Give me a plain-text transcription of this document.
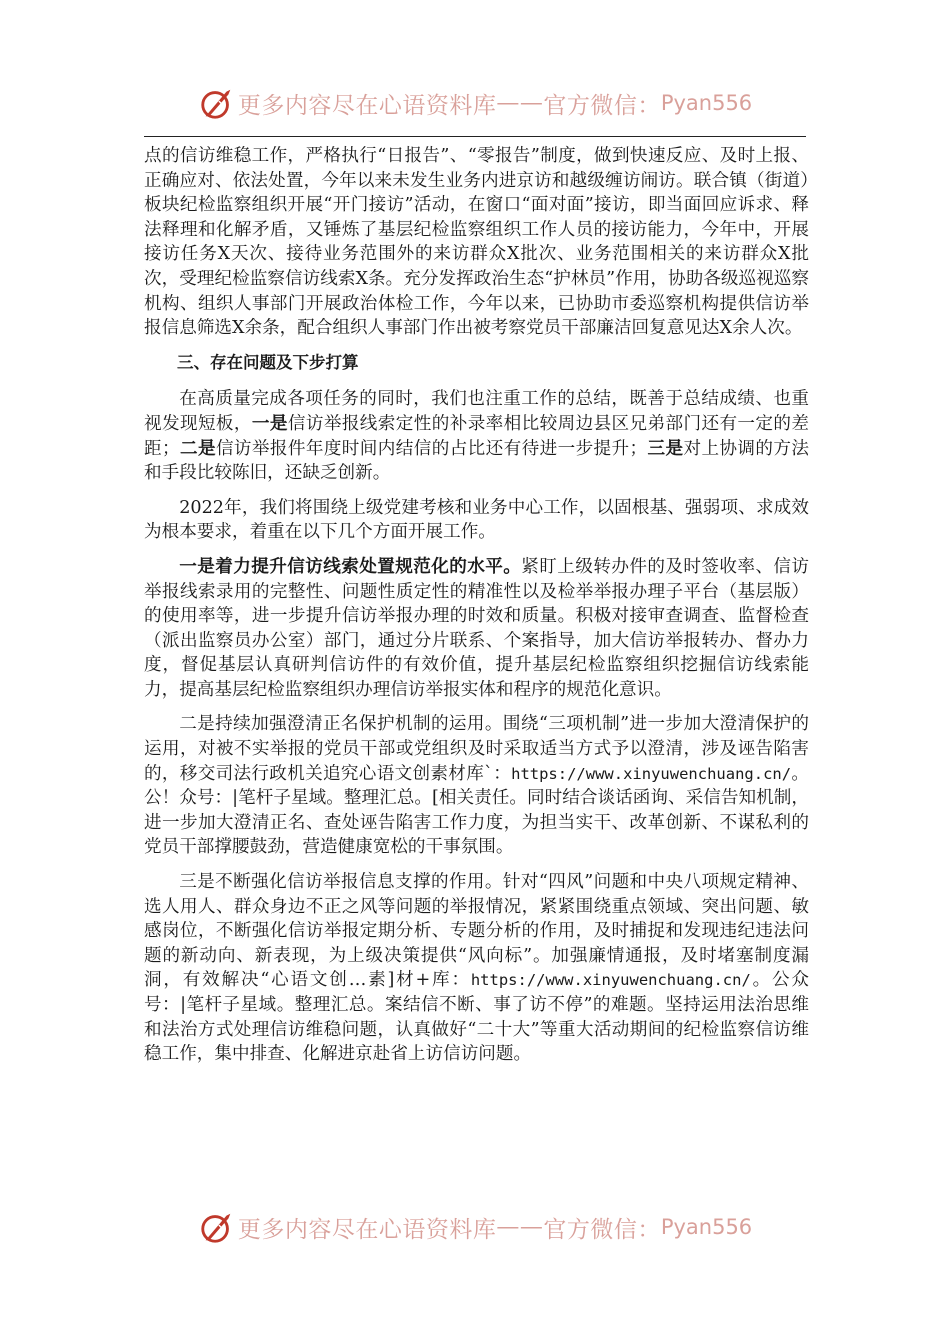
更多内容尽在心语资料库 —— 官方微信： Pyan556

点的信访维稳工作，严格执行“日报告”、“零报告”制度，做到快速反应、及时上报、正确应对、依法处置，今年以来未发生业务内进京访和越级缠访闹访。联合镇（街道）板块纪检监察组织开展“开门接访”活动，在窗口“面对面”接访，即当面回应诉求、释法释理和化解矛盾，又锤炼了基层纪检监察组织工作人员的接访能力，今年中，开展接访任务X天次、接待业务范围外的来访群众X批次、业务范围相关的来访群众X批次，受理纪检监察信访线索X条。充分发挥政治生态“护林员”作用，协助各级巡视巡察机构、组织人事部门开展政治体检工作，今年以来，已协助市委巡察机构提供信访举报信息筛选X余条，配合组织人事部门作出被考察党员干部廉洁回复意见达X余人次。

三、存在问题及下步打算

在高质量完成各项任务的同时，我们也注重工作的总结，既善于总结成绩、也重视发现短板，一是信访举报线索定性的补录率相比较周边县区兄弟部门还有一定的差距；二是信访举报件年度时间内结信的占比还有待进一步提升；三是对上协调的方法和手段比较陈旧，还缺乏创新。

2022年，我们将围绕上级党建考核和业务中心工作，以固根基、强弱项、求成效为根本要求，着重在以下几个方面开展工作。

一是着力提升信访线索处置规范化的水平。紧盯上级转办件的及时签收率、信访举报线索录用的完整性、问题性质定性的精准性以及检举举报办理子平台（基层版）的使用率等，进一步提升信访举报办理的时效和质量。积极对接审查调查、监督检查（派出监察员办公室）部门，通过分片联系、个案指导，加大信访举报转办、督办力度，督促基层认真研判信访件的有效价值，提升基层纪检监察组织挖掘信访线索能力，提高基层纪检监察组织办理信访举报实体和程序的规范化意识。

二是持续加强澄清正名保护机制的运用。围绕“三项机制”进一步加大澄清保护的运用，对被不实举报的党员干部或党组织及时采取适当方式予以澄清，涉及诬告陷害的，移交司法行政机关追究心语文创素材库`：https://www.xinyuwenchuang.cn/。公！众号：|笔杆子星域。整理汇总。[相关责任。同时结合谈话函询、采信告知机制，进一步加大澄清正名、查处诬告陷害工作力度，为担当实干、改革创新、不谋私利的党员干部撑腰鼓劲，营造健康宽松的干事氛围。

三是不断强化信访举报信息支撑的作用。针对“四风”问题和中央八项规定精神、选人用人、群众身边不正之风等问题的举报情况，紧紧围绕重点领域、突出问题、敏感岗位，不断强化信访举报定期分析、专题分析的作用，及时捕捉和发现违纪违法问题的新动向、新表现，为上级决策提供“风向标”。加强廉情通报，及时堵塞制度漏洞，有效解决“心语文创…素]材+库：https://www.xinyuwenchuang.cn/。公众号：|笔杆子星域。整理汇总。案结信不断、事了访不停”的难题。坚持运用法治思维和法治方式处理信访维稳问题，认真做好“二十大”等重大活动期间的纪检监察信访维稳工作，集中排查、化解进京赴省上访信访问题。

更多内容尽在心语资料库 —— 官方微信： Pyan556
